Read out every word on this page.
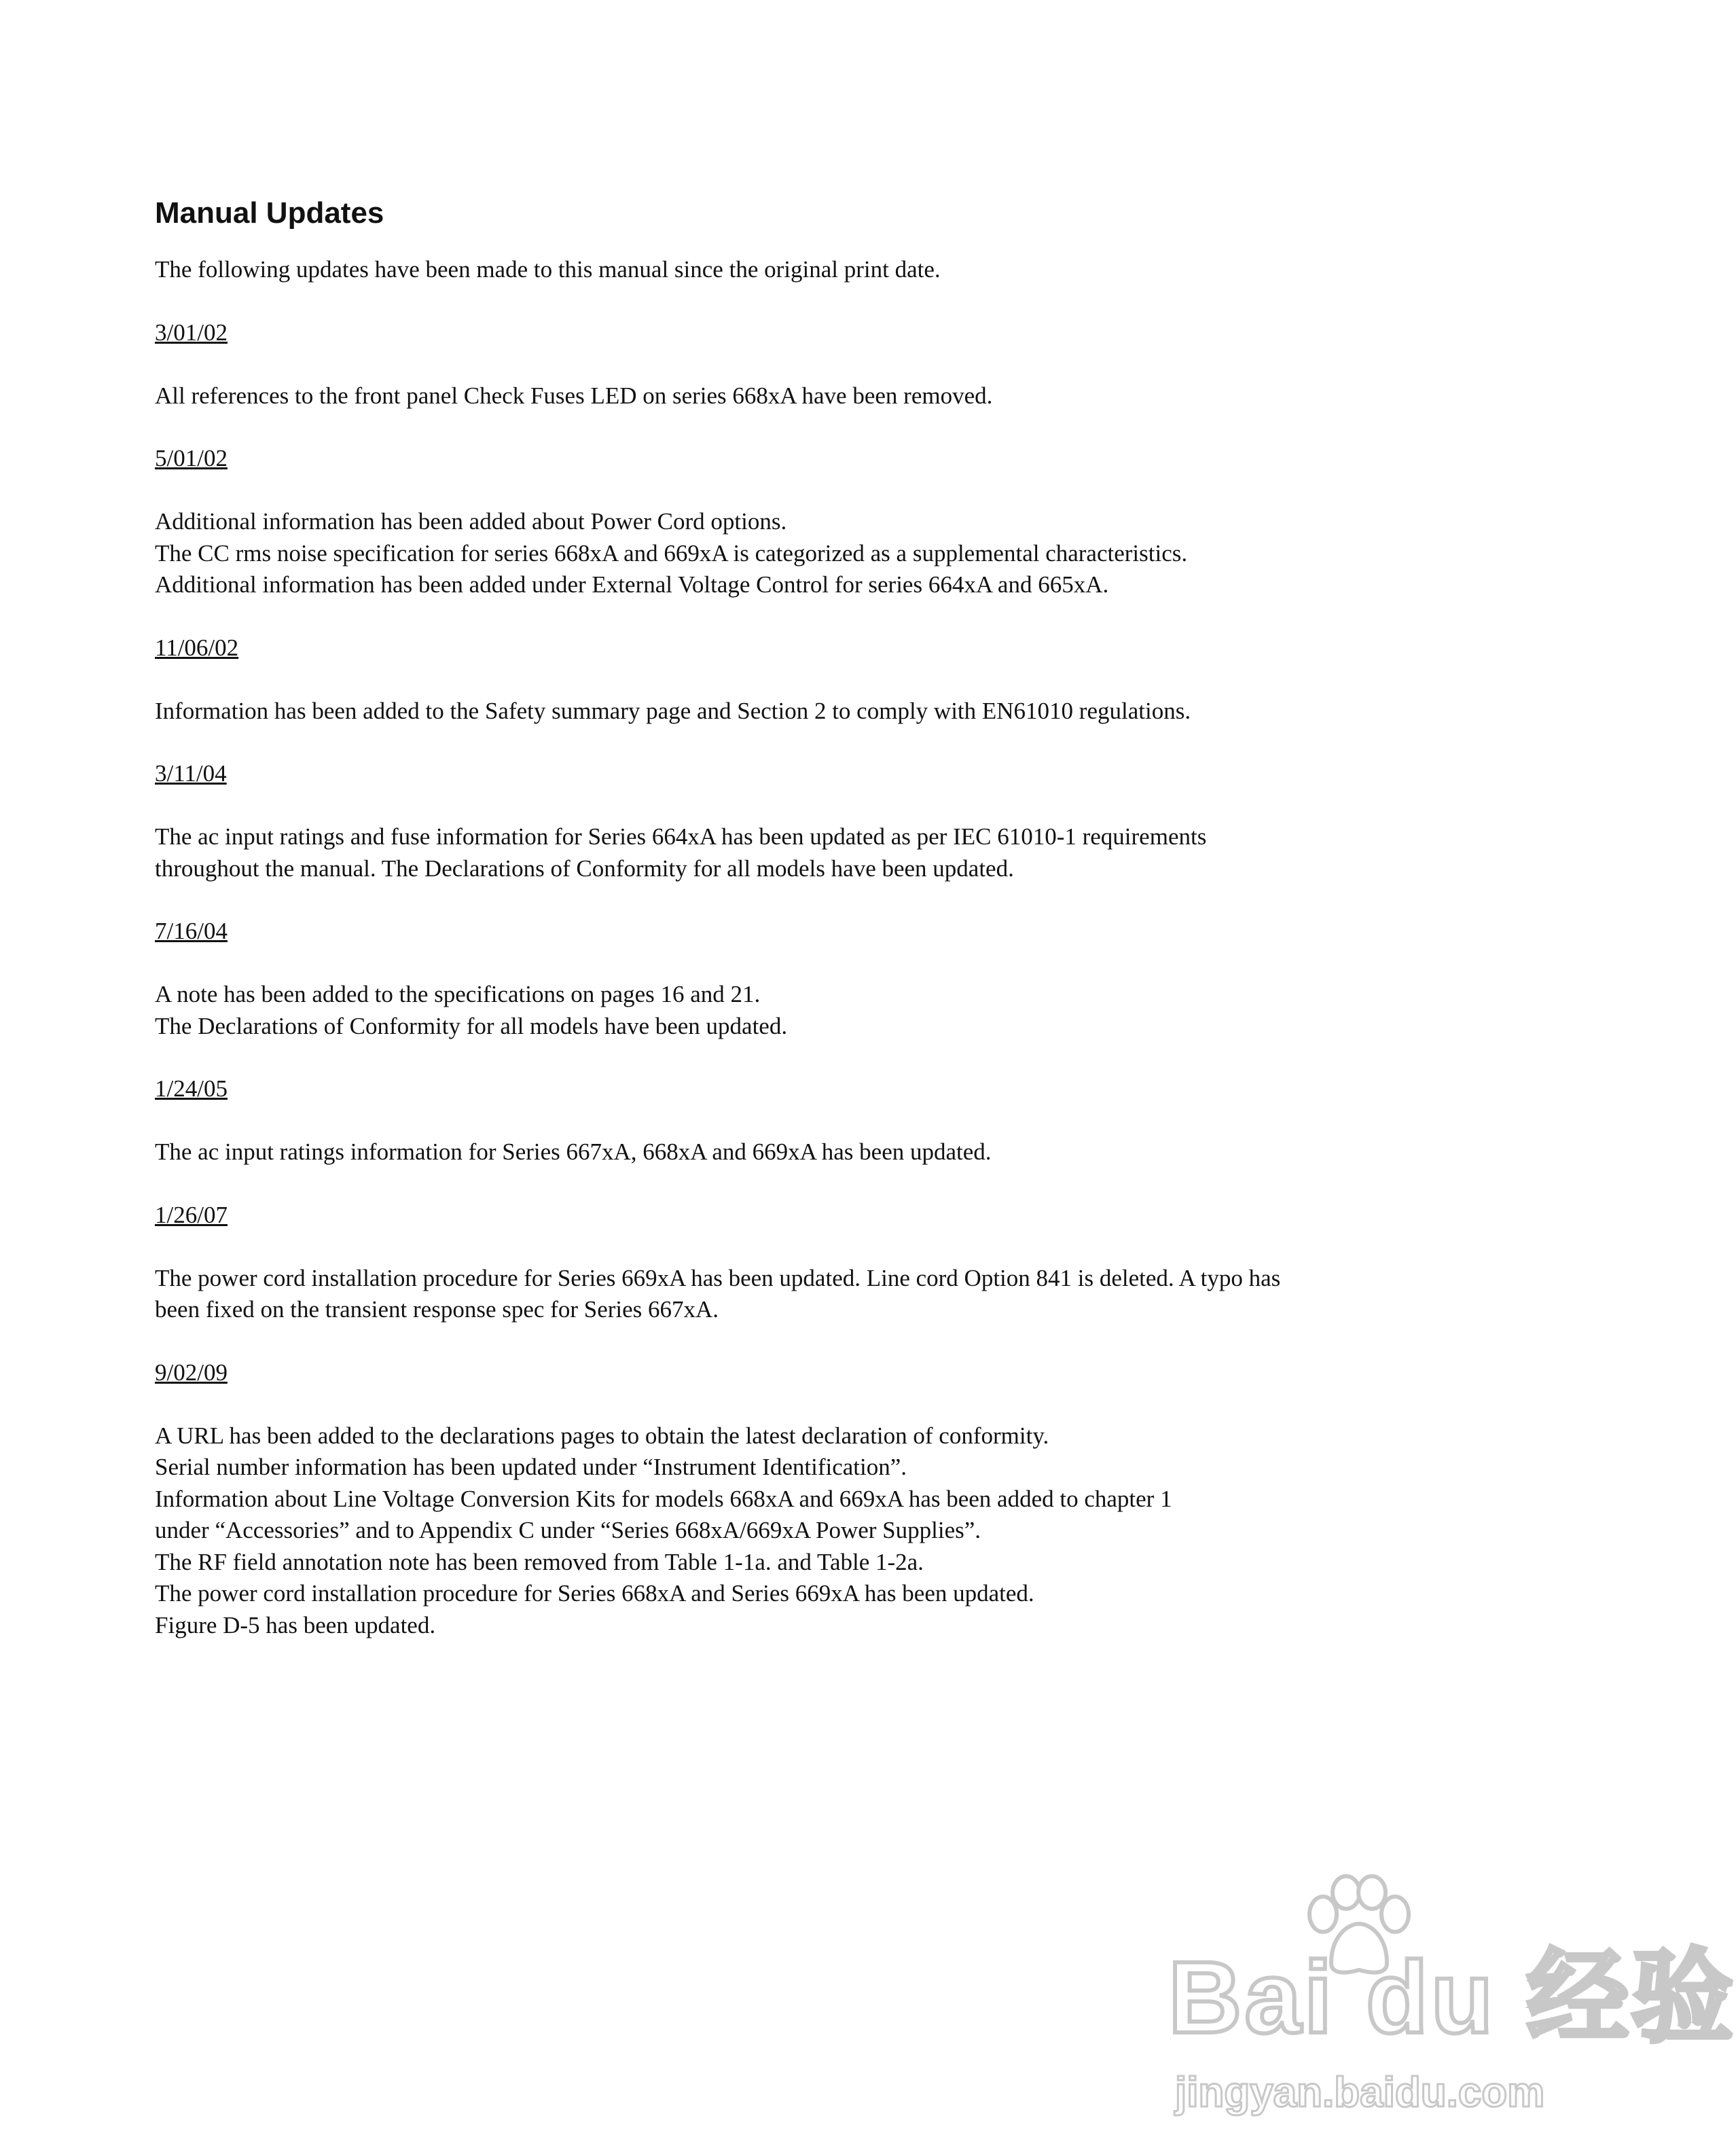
Manual Updates

The following updates have been made to this manual since the original print date.

3/01/02

All references to the front panel Check Fuses LED on series 668xA have been removed.

5/01/02

Additional information has been added about Power Cord options.

The CC rms noise specification for series 668xA and 669xA is categorized as a supplemental characteristics.

Additional information has been added under External Voltage Control for series 664xA and 665xA.

11/06/02

Information has been added to the Safety summary page and Section 2 to comply with EN61010 regulations.

3/11/04

The ac input ratings and fuse information for Series 664xA has been updated as per IEC 61010-1 requirements

throughout the manual. The Declarations of Conformity for all models have been updated.

7/16/04

A note has been added to the specifications on pages 16 and 21.

The Declarations of Conformity for all models have been updated.

1/24/05

The ac input ratings information for Series 667xA, 668xA and 669xA has been updated.

1/26/07

The power cord installation procedure for Series 669xA has been updated. Line cord Option 841 is deleted. A typo has

been fixed on the transient response spec for Series 667xA.

9/02/09

A URL has been added to the declarations pages to obtain the latest declaration of conformity.

Serial number information has been updated under “Instrument Identification”.

Information about Line Voltage Conversion Kits for models 668xA and 669xA has been added to chapter 1

under “Accessories” and to Appendix C under “Series 668xA/669xA Power Supplies”.

The RF field annotation note has been removed from Table 1-1a. and Table 1-2a.

The power cord installation procedure for Series 668xA and Series 669xA has been updated.

Figure D-5 has been updated.

Bai du 经验
jingyan.baidu.com
